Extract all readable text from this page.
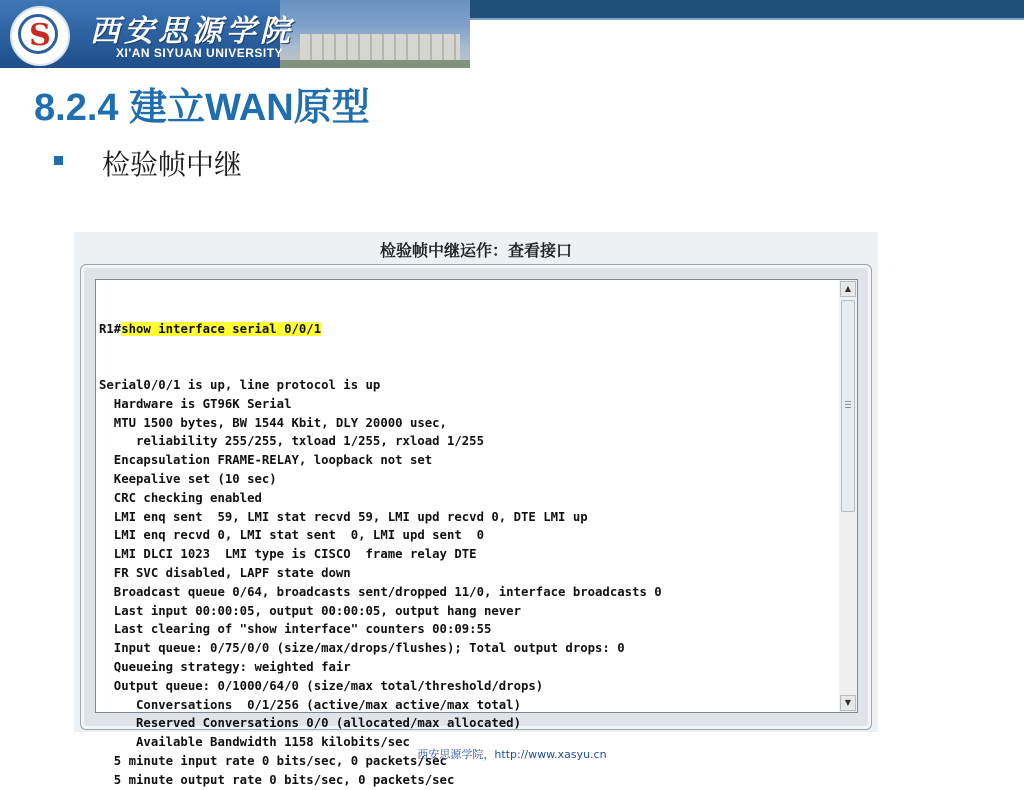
S	西安思源学院
XI'AN SIYUAN UNIVERSITY
8.2.4 建立WAN原型
检验帧中继
检验帧中继运作：查看接口

R1#show interface serial 0/0/1

Serial0/0/1 is up, line protocol is up
Hardware is GT96K Serial
MTU 1500 bytes, BW 1544 Kbit, DLY 20000 usec,
reliability 255/255, txload 1/255, rxload 1/255
Encapsulation FRAME-RELAY, loopback not set
Keepalive set (10 sec)
CRC checking enabled
LMI enq sent  59, LMI stat recvd 59, LMI upd recvd 0, DTE LMI up
LMI enq recvd 0, LMI stat sent  0, LMI upd sent  0
LMI DLCI 1023  LMI type is CISCO  frame relay DTE
FR SVC disabled, LAPF state down
Broadcast queue 0/64, broadcasts sent/dropped 11/0, interface broadcasts 0
Last input 00:00:05, output 00:00:05, output hang never
Last clearing of "show interface" counters 00:09:55
Input queue: 0/75/0/0 (size/max/drops/flushes); Total output drops: 0
Queueing strategy: weighted fair
Output queue: 0/1000/64/0 (size/max total/threshold/drops)
Conversations  0/1/256 (active/max active/max total)
Reserved Conversations 0/0 (allocated/max allocated)
Available Bandwidth 1158 kilobits/sec
5 minute input rate 0 bits/sec, 0 packets/sec
5 minute output rate 0 bits/sec, 0 packets/sec
▲
▼
西安思源学院，http://www.xasyu.cn
